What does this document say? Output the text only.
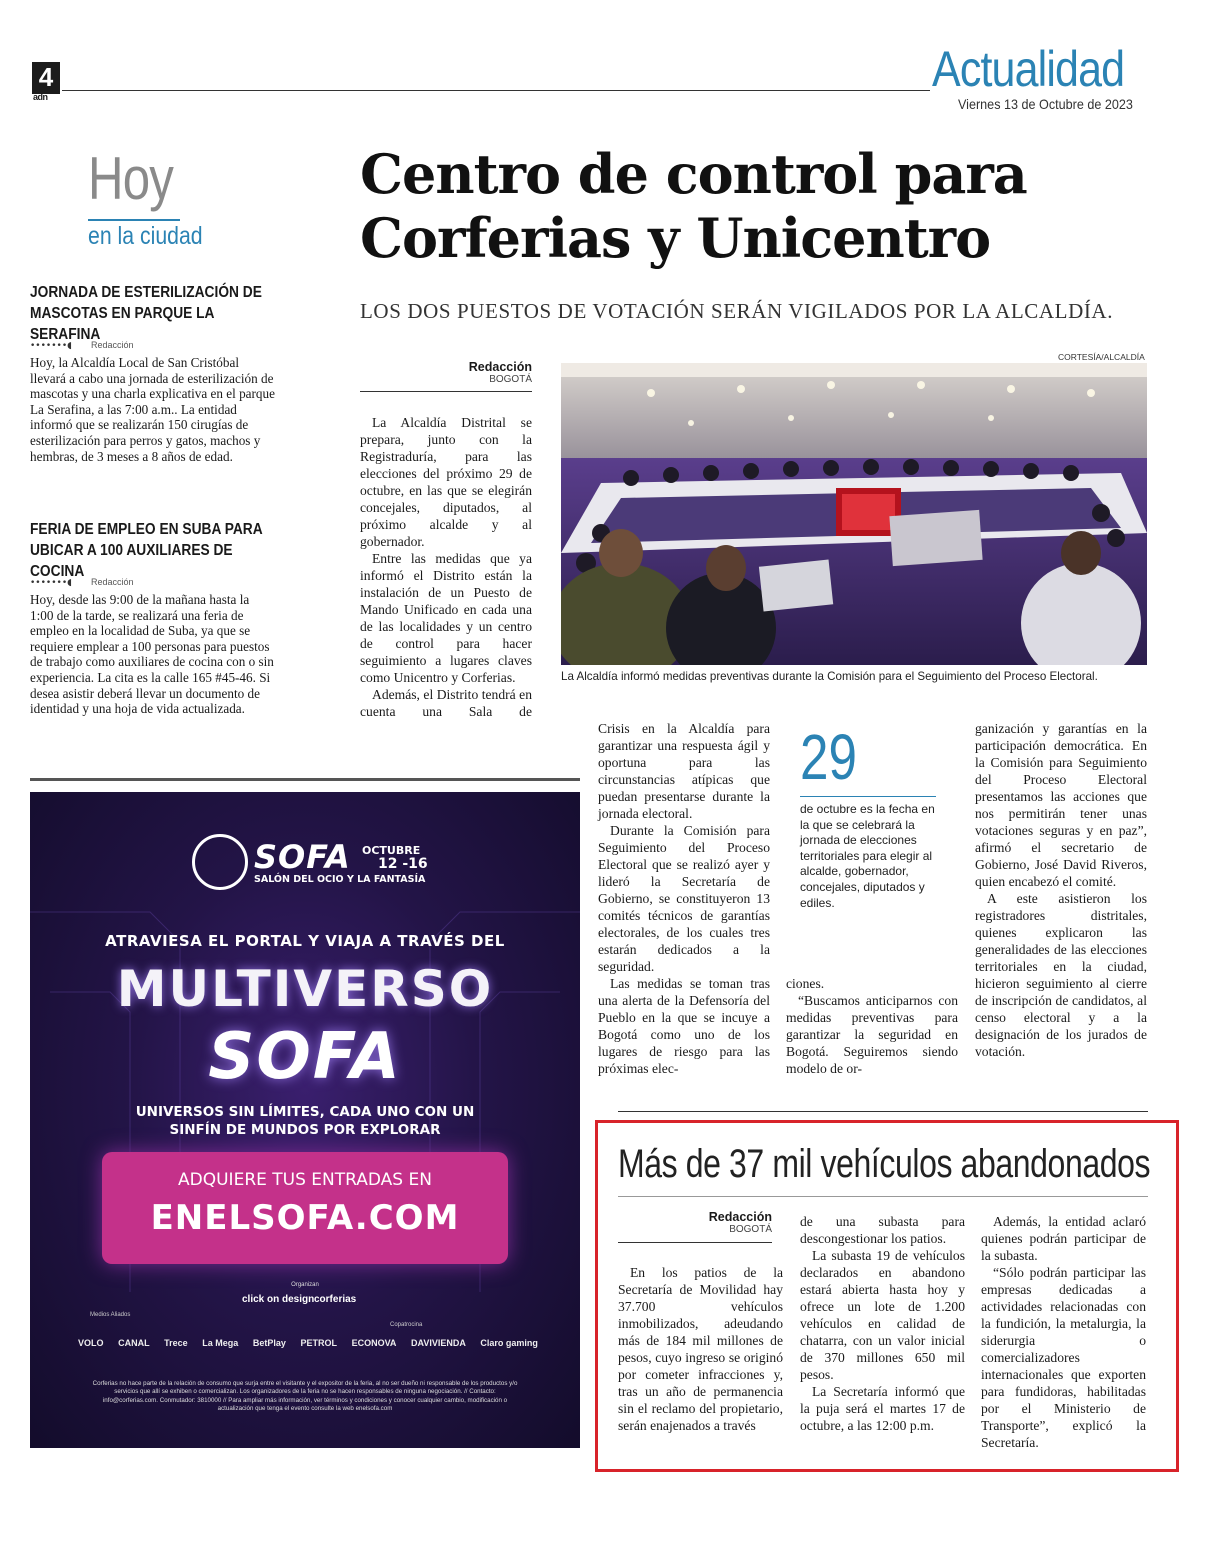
4
adn	Actualidad
Viernes 13 de Octubre de 2023
Hoy
en la ciudad
JORNADA DE ESTERILIZACIÓN DE MASCOTAS EN PARQUE LA SERAFINA
•••••••◖ Redacción
Hoy, la Alcaldía Local de San Cristóbal llevará a cabo una jornada de esterilización de mascotas y una charla explicativa en el parque La Serafina, a las 7:00 a.m.. La entidad informó que se realizarán 150 cirugías de esterilización para perros y gatos, machos y hembras, de 3 meses a 8 años de edad.
FERIA DE EMPLEO EN SUBA PARA UBICAR A 100 AUXILIARES DE COCINA
•••••••◖ Redacción
Hoy, desde las 9:00 de la mañana hasta la 1:00 de la tarde, se realizará una feria de empleo en la localidad de Suba, ya que se requiere emplear a 100 personas para puestos de trabajo como auxiliares de cocina con o sin experiencia. La cita es la calle 165 #45-46. Si desea asistir deberá llevar un documento de identidad y una hoja de vida actualizada.
Centro de control para Corferias y Unicentro
LOS DOS PUESTOS DE VOTACIÓN SERÁN VIGILADOS POR LA ALCALDÍA.
Redacción
BOGOTÁ

La Alcaldía Distrital se prepara, junto con la Registraduría, para las elecciones del próximo 29 de octubre, en las que se elegirán concejales, diputados, al próximo alcalde y al gobernador.

Entre las medidas que ya informó el Distrito están la instalación de un Puesto de Mando Unificado en cada una de las localidades y un centro de control para hacer seguimiento a lugares claves como Unicentro y Corferias.

Además, el Distrito tendrá en cuenta una Sala de

CORTESÍA/ALCALDÍA
La Alcaldía informó medidas preventivas durante la Comisión para el Seguimiento del Proceso Electoral.

Crisis en la Alcaldía para garantizar una respuesta ágil y oportuna para las circunstancias atípicas que puedan presentarse durante la jornada electoral.

Durante la Comisión para Seguimiento del Proceso Electoral que se realizó ayer y lideró la Secretaría de Gobierno, se constituyeron 13 comités técnicos de garantías electorales, de los cuales tres estarán dedicados a la seguridad.

Las medidas se toman tras una alerta de la Defensoría del Pueblo en la que se incuye a Bogotá como uno de los lugares de riesgo para las próximas elec-

29
de octubre es la fecha en la que se celebrará la jornada de elecciones territoriales para elegir al alcalde, gobernador, concejales, diputados y ediles.

ciones.

“Buscamos anticiparnos con medidas preventivas para garantizar la seguridad en Bogotá. Seguiremos siendo modelo de or-

ganización y garantías en la participación democrática. En la Comisión para Seguimiento del Proceso Electoral presentamos las acciones que nos permitirán tener unas votaciones seguras y en paz”, afirmó el secretario de Gobierno, José David Riveros, quien encabezó el comité.

A este asistieron los registradores distritales, quienes explicaron las generalidades de las elecciones territoriales en la ciudad, hicieron seguimiento al cierre de inscripción de candidatos, al censo electoral y a la designación de los jurados de votación.

SOFA OCTUBRE
12 -16
SALÓN DEL OCIO Y LA FANTASÍA
ATRAVIESA EL PORTAL Y VIAJA A TRAVÉS DEL
MULTIVERSO
SOFA
UNIVERSOS SIN LÍMITES, CADA UNO CON UN
SINFÍN DE MUNDOS POR EXPLORAR
ADQUIERE TUS ENTRADAS EN
ENELSOFA.COM
Organizan
click on design corferias
Medios Aliados
Copatrocina
VOLO CANAL Trece La Mega BetPlay PETROL ECONOVA DAVIVIENDA Claro gaming
Corferias no hace parte de la relación de consumo que surja entre el visitante y el expositor de la feria, al no ser dueño ni responsable de los productos y/o servicios que allí se exhiben o comercializan. Los organizadores de la feria no se hacen responsables de ninguna negociación. // Contacto: info@corferias.com. Conmutador: 3810000 // Para ampliar más información, ver términos y condiciones y conocer cualquier cambio, modificación o actualización que tenga el evento consulte la web enelsofa.com
Más de 37 mil vehículos abandonados
Redacción
BOGOTÁ

En los patios de la Secretaría de Movilidad hay 37.700 vehículos inmobilizados, adeudando más de 184 mil millones de pesos, cuyo ingreso se originó por cometer infracciones y, tras un año de permanencia sin el reclamo del propietario, serán enajenados a través

de una subasta para descongestionar los patios.

La subasta 19 de vehículos declarados en abandono estará abierta hasta hoy y ofrece un lote de 1.200 vehículos en calidad de chatarra, con un valor inicial de 370 millones 650 mil pesos.

La Secretaría informó que la puja será el martes 17 de octubre, a las 12:00 p.m.

Además, la entidad aclaró quienes podrán participar de la subasta.

“Sólo podrán participar las empresas dedicadas a actividades relacionadas con la fundición, la metalurgia, la siderurgia o comercializadores internacionales que exporten para fundidoras, habilitadas por el Ministerio de Transporte”, explicó la Secretaría.
